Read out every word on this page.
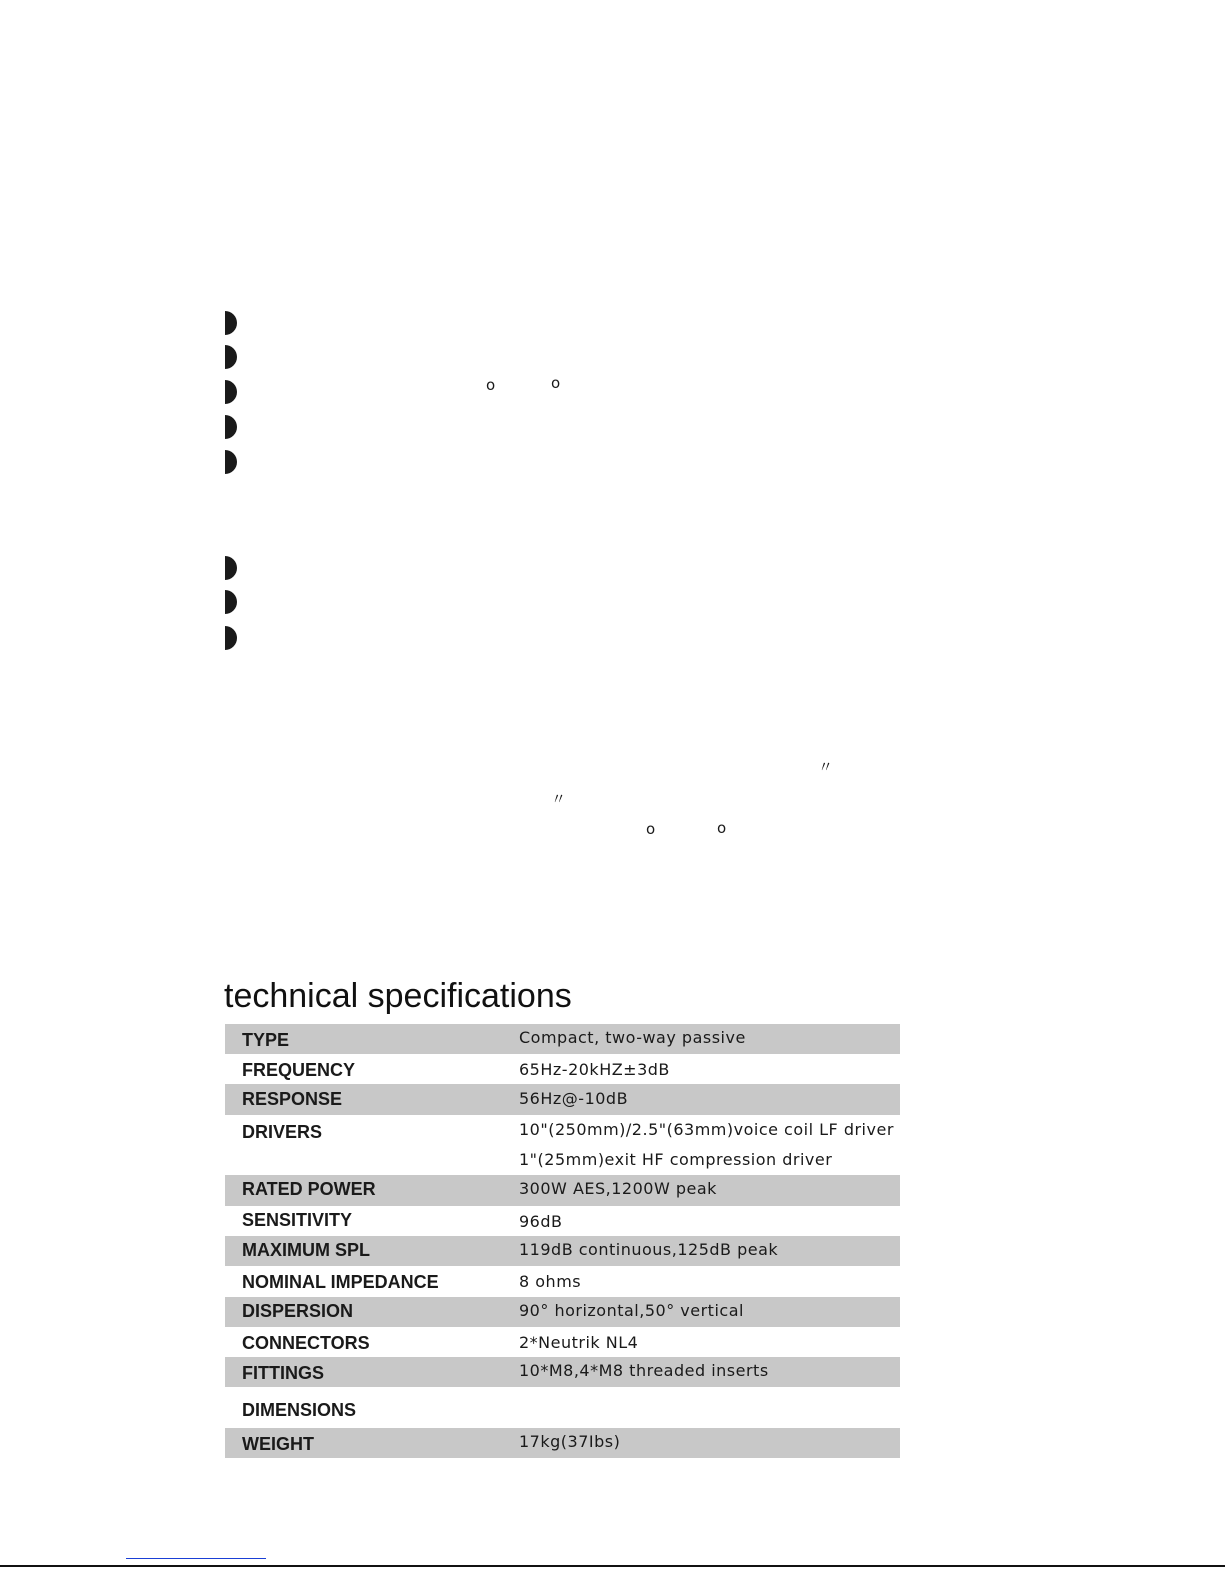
o	o
〃
〃
o	o
technical specifications
TYPE	Compact, two-way passive
FREQUENCY	65Hz-20kHZ±3dB
RESPONSE	56Hz@-10dB
DRIVERS	10"(250mm)/2.5"(63mm)voice coil LF driver
1"(25mm)exit HF compression driver
RATED POWER	300W AES,1200W peak
SENSITIVITY	96dB
MAXIMUM SPL	119dB continuous,125dB peak
NOMINAL IMPEDANCE	8 ohms
DISPERSION	90° horizontal,50° vertical
CONNECTORS	2*Neutrik NL4
FITTINGS	10*M8,4*M8 threaded inserts
DIMENSIONS
WEIGHT	17kg(37Ibs)
